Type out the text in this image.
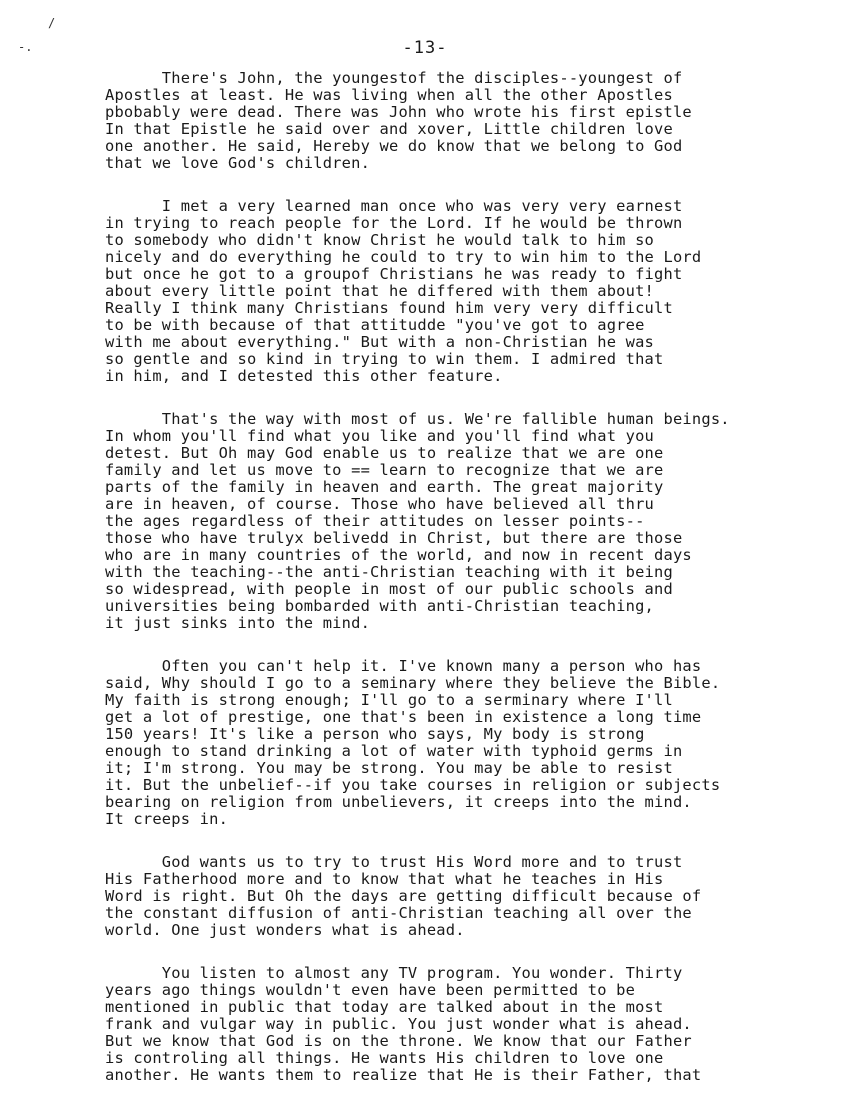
/
-.	-13-
There's John, the youngestof the disciples--youngest of
Apostles at least. He was living when all the other Apostles
pbobably were dead. There was John who wrote his first epistle
In that Epistle he said over and xover, Little children love
one another. He said, Hereby we do know that we belong to God
that we love God's children.
I met a very learned man once who was very very earnest
in trying to reach people for the Lord. If he would be thrown
to somebody who didn't know Christ he would talk to him so
nicely and do everything he could to try to win him to the Lord
but once he got to a groupof Christians he was ready to fight
about every little point that he differed with them about!
Really I think many Christians found him very very difficult
to be with because of that attitudde "you've got to agree
with me about everything." But with a non-Christian he was
so gentle and so kind in trying to win them. I admired that
in him, and I detested this other feature.
That's the way with most of us. We're fallible human beings.
In whom you'll find what you like and you'll find what you
detest. But Oh may God enable us to realize that we are one
family and let us move to == learn to recognize that we are
parts of the family in heaven and earth. The great majority
are in heaven, of course. Those who have believed all thru
the ages regardless of their attitudes on lesser points--
those who have trulyx belivedd in Christ, but there are those
who are in many countries of the world, and now in recent days
with the teaching--the anti-Christian teaching with it being
so widespread, with people in most of our public schools and
universities being bombarded with anti-Christian teaching,
it just sinks into the mind.
Often you can't help it. I've known many a person who has
said, Why should I go to a seminary where they believe the Bible.
My faith is strong enough; I'll go to a serminary where I'll
get a lot of prestige, one that's been in existence a long time
150 years! It's like a person who says, My body is strong
enough to stand drinking a lot of water with typhoid germs in
it; I'm strong. You may be strong. You may be able to resist
it. But the unbelief--if you take courses in religion or subjects
bearing on religion from unbelievers, it creeps into the mind.
It creeps in.
God wants us to try to trust His Word more and to trust
His Fatherhood more and to know that what he teaches in His
Word is right. But Oh the days are getting difficult because of
the constant diffusion of anti-Christian teaching all over the
world. One just wonders what is ahead.
You listen to almost any TV program. You wonder. Thirty
years ago things wouldn't even have been permitted to be
mentioned in public that today are talked about in the most
frank and vulgar way in public. You just wonder what is ahead.
But we know that God is on the throne. We know that our Father
is controling all things. He wants His children to love one
another. He wants them to realize that He is their Father, that
